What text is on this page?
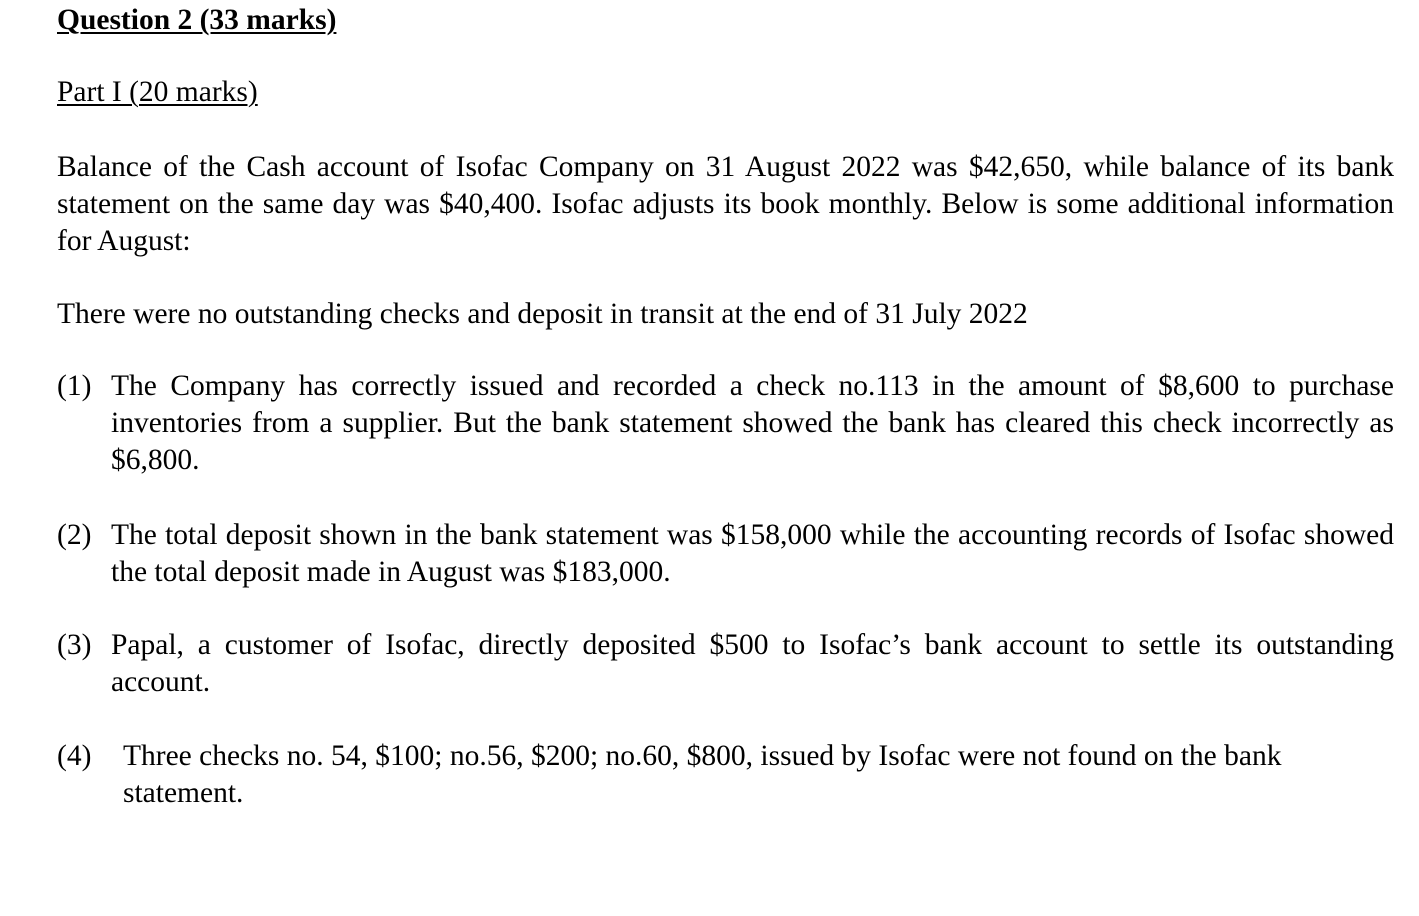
Question 2 (33 marks)
Part I (20 marks)

Balance of the Cash account of Isofac Company on 31 August 2022 was $42,650, while balance of its bank statement on the same day was $40,400. Isofac adjusts its book monthly. Below is some additional information for August:

There were no outstanding checks and deposit in transit at the end of 31 July 2022

(1) The Company has correctly issued and recorded a check no.113 in the amount of $8,600 to purchase inventories from a supplier. But the bank statement showed the bank has cleared this check incorrectly as $6,800.
(2) The total deposit shown in the bank statement was $158,000 while the accounting records of Isofac showed the total deposit made in August was $183,000.
(3) Papal, a customer of Isofac, directly deposited $500 to Isofac’s bank account to settle its outstanding account.
(4) Three checks no. 54, $100; no.56, $200; no.60, $800, issued by Isofac were not found on the bank statement.
